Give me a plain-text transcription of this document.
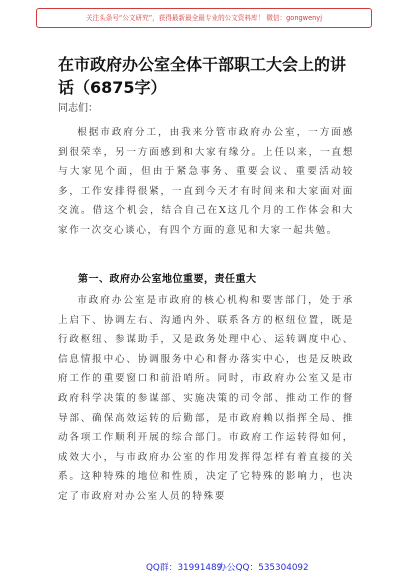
关注头条号“公文研究”，获得最新最全最专业的公文资料库！ 微信：gongwenyj
在市政府办公室全体干部职工大会上的讲话（6875字）
同志们：

根据市政府分工，由我来分管市政府办公室，一方面感到很荣幸，另一方面感到和大家有缘分。上任以来，一直想与大家见个面，但由于紧急事务、重要会议、重要活动较多，工作安排得很紧，一直到今天才有时间来和大家面对面交流。借这个机会，结合自己在X这几个月的工作体会和大家作一次交心谈心，有四个方面的意见和大家一起共勉。

第一、政府办公室地位重要，责任重大

市政府办公室是市政府的核心机构和要害部门，处于承上启下、协调左右、沟通内外、联系各方的枢纽位置，既是行政枢纽、参谋助手，又是政务处理中心、运转调度中心、信息情报中心、协调服务中心和督办落实中心，也是反映政府工作的重要窗口和前沿哨所。同时，市政府办公室又是市政府科学决策的参谋部、实施决策的司令部、推动工作的督导部、确保高效运转的后勤部，是市政府赖以指挥全局、推动各项工作顺利开展的综合部门。市政府工作运转得如何，成效大小，与市政府办公室的作用发挥得怎样有着直接的关系。这种特殊的地位和性质，决定了它特殊的影响力，也决定了市政府对办公室人员的特殊要

QQ群：31991489
办公QQ：535304092
